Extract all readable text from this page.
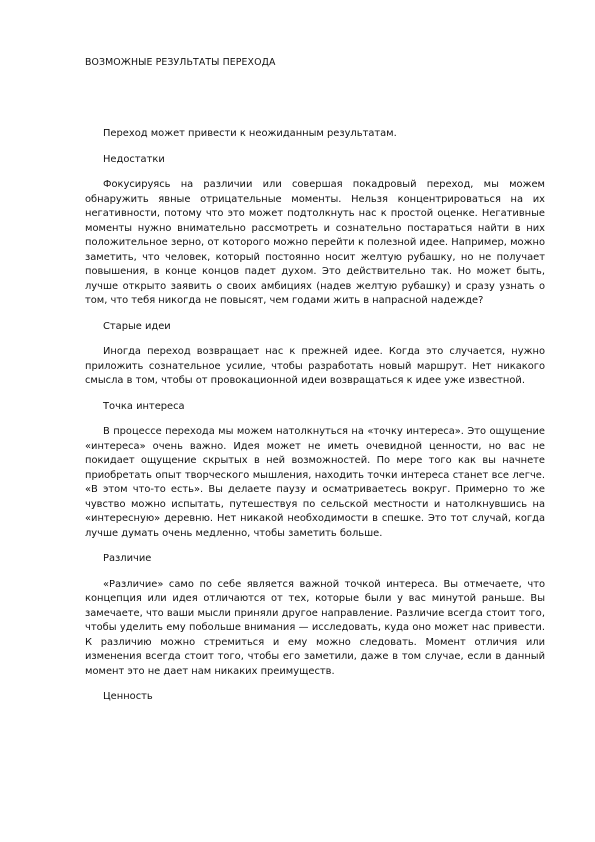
ВОЗМОЖНЫЕ РЕЗУЛЬТАТЫ ПЕРЕХОДА

Переход может привести к неожиданным результатам.

Недостатки

Фокусируясь на различии или совершая покадровый переход, мы можем обнаружить явные отрицательные моменты. Нельзя концентрироваться на их негативности, потому что это может подтолкнуть нас к простой оценке. Негативные моменты нужно внимательно рассмотреть и сознательно постараться найти в них положительное зерно, от которого можно перейти к полезной идее. Например, можно заметить, что человек, который постоянно носит желтую рубашку, но не получает повышения, в конце концов падет духом. Это действительно так. Но может быть, лучше открыто заявить о своих амбициях (надев желтую рубашку) и сразу узнать о том, что тебя никогда не повысят, чем годами жить в напрасной надежде?

Старые идеи

Иногда переход возвращает нас к прежней идее. Когда это случается, нужно приложить сознательное усилие, чтобы разработать новый маршрут. Нет никакого смысла в том, чтобы от провокационной идеи возвращаться к идее уже известной.

Точка интереса

В процессе перехода мы можем натолкнуться на «точку интереса». Это ощущение «интереса» очень важно. Идея может не иметь очевидной ценности, но вас не покидает ощущение скрытых в ней возможностей. По мере того как вы начнете приобретать опыт творческого мышления, находить точки интереса станет все легче. «В этом что-то есть». Вы делаете паузу и осматриваетесь вокруг. Примерно то же чувство можно испытать, путешествуя по сельской местности и натолкнувшись на «интересную» деревню. Нет никакой необходимости в спешке. Это тот случай, когда лучше думать очень медленно, чтобы заметить больше.

Различие

«Различие» само по себе является важной точкой интереса. Вы отмечаете, что концепция или идея отличаются от тех, которые были у вас минутой раньше. Вы замечаете, что ваши мысли приняли другое направление. Различие всегда стоит того, чтобы уделить ему побольше внимания — исследовать, куда оно может нас привести. К различию можно стремиться и ему можно следовать. Момент отличия или изменения всегда стоит того, чтобы его заметили, даже в том случае, если в данный момент это не дает нам никаких преимуществ.

Ценность
